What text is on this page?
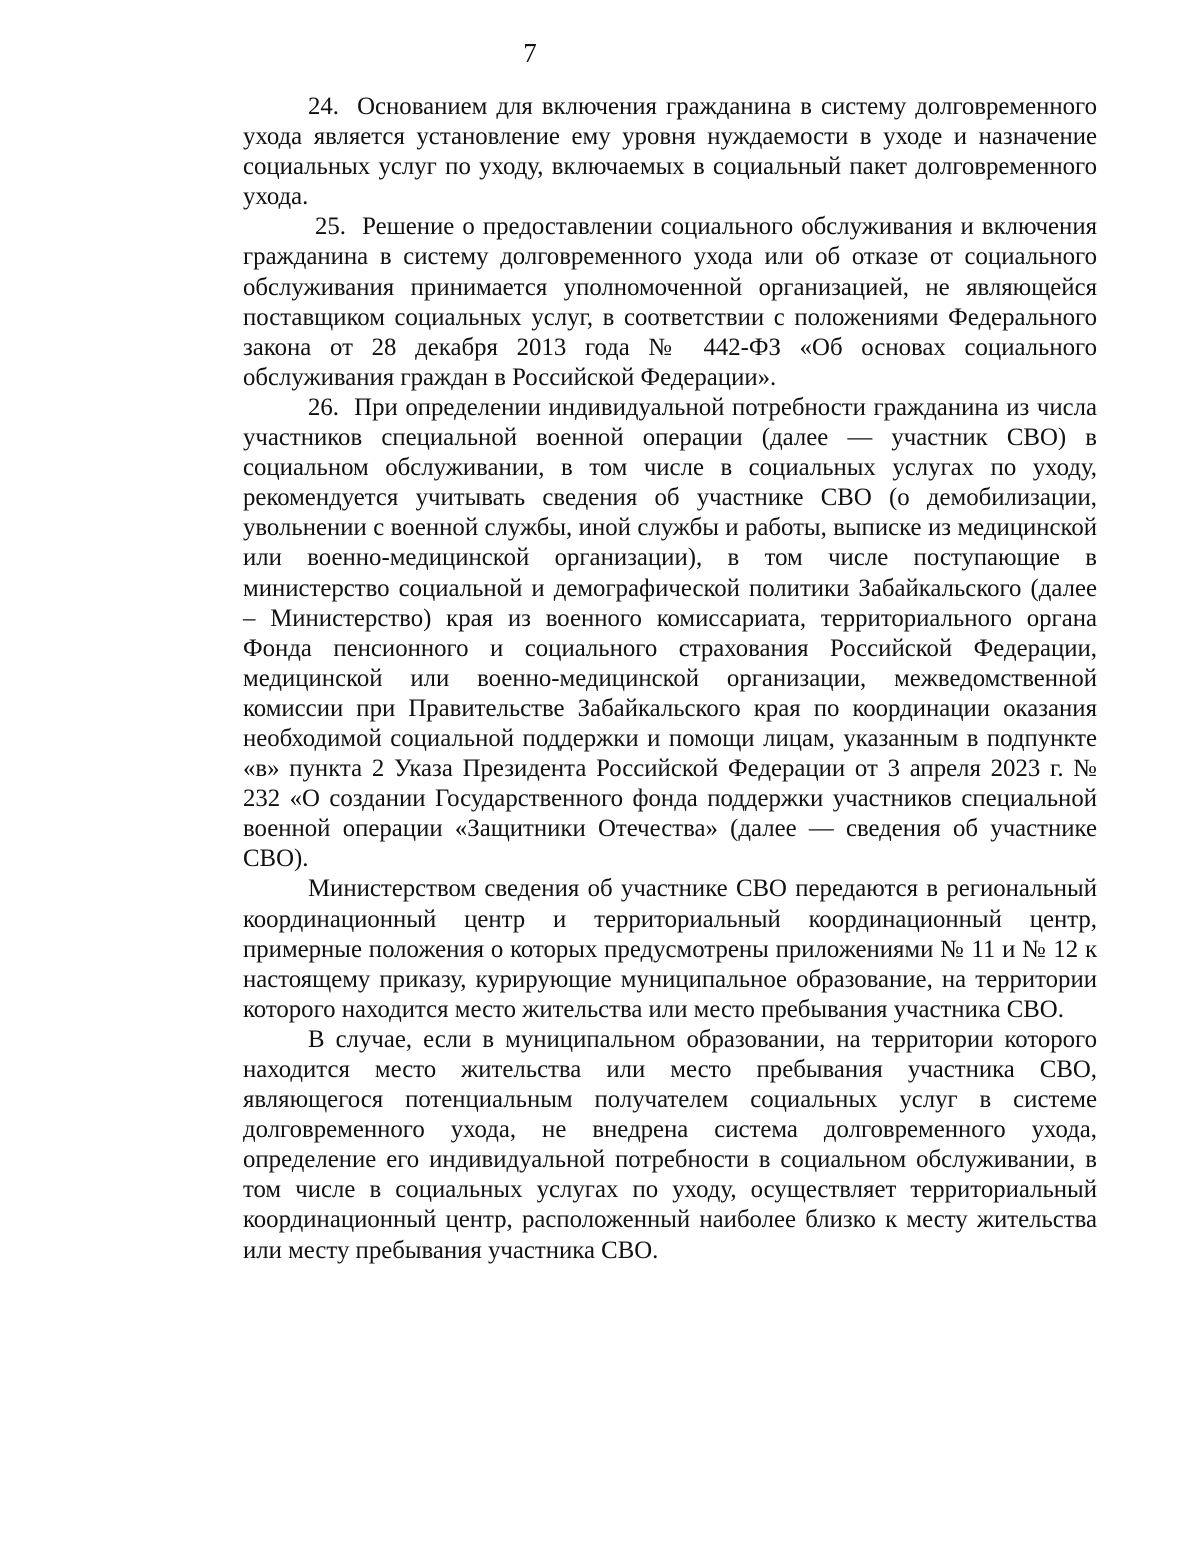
7

24.  Основанием для включения гражданина в систему долговременного ухода является установление ему уровня нуждаемости в уходе и назначение социальных услуг по уходу, включаемых в социальный пакет долговременного ухода.

25.  Решение о предоставлении социального обслуживания и включения гражданина в систему долговременного ухода или об отказе от социального обслуживания принимается уполномоченной организацией, не являющейся поставщиком социальных услуг, в соответствии с положениями Федерального закона от 28 декабря 2013 года № 442-ФЗ «Об основах социального обслуживания граждан в Российской Федерации».

26.  При определении индивидуальной потребности гражданина из числа участников специальной военной операции (далее — участник СВО) в социальном обслуживании, в том числе в социальных услугах по уходу, рекомендуется учитывать сведения об участнике СВО (о демобилизации, увольнении с военной службы, иной службы и работы, выписке из медицинской или военно-медицинской организации), в том числе поступающие в министерство социальной и демографической политики Забайкальского (далее – Министерство) края из военного комиссариата, территориального органа Фонда пенсионного и социального страхования Российской Федерации, медицинской или военно-медицинской организации, межведомственной комиссии при Правительстве Забайкальского края по координации оказания необходимой социальной поддержки и помощи лицам, указанным в подпункте «в» пункта 2 Указа Президента Российской Федерации от 3 апреля 2023 г. № 232 «О создании Государственного фонда поддержки участников специальной военной операции «Защитники Отечества» (далее — сведения об участнике СВО).

Министерством сведения об участнике СВО передаются в региональный координационный центр и территориальный координационный центр, примерные положения о которых предусмотрены приложениями № 11 и № 12 к настоящему приказу, курирующие муниципальное образование, на территории которого находится место жительства или место пребывания участника СВО.

В случае, если в муниципальном образовании, на территории которого находится место жительства или место пребывания участника СВО, являющегося потенциальным получателем социальных услуг в системе долговременного ухода, не внедрена система долговременного ухода, определение его индивидуальной потребности в социальном обслуживании, в том числе в социальных услугах по уходу, осуществляет территориальный координационный центр, расположенный наиболее близко к месту жительства или месту пребывания участника СВО.
